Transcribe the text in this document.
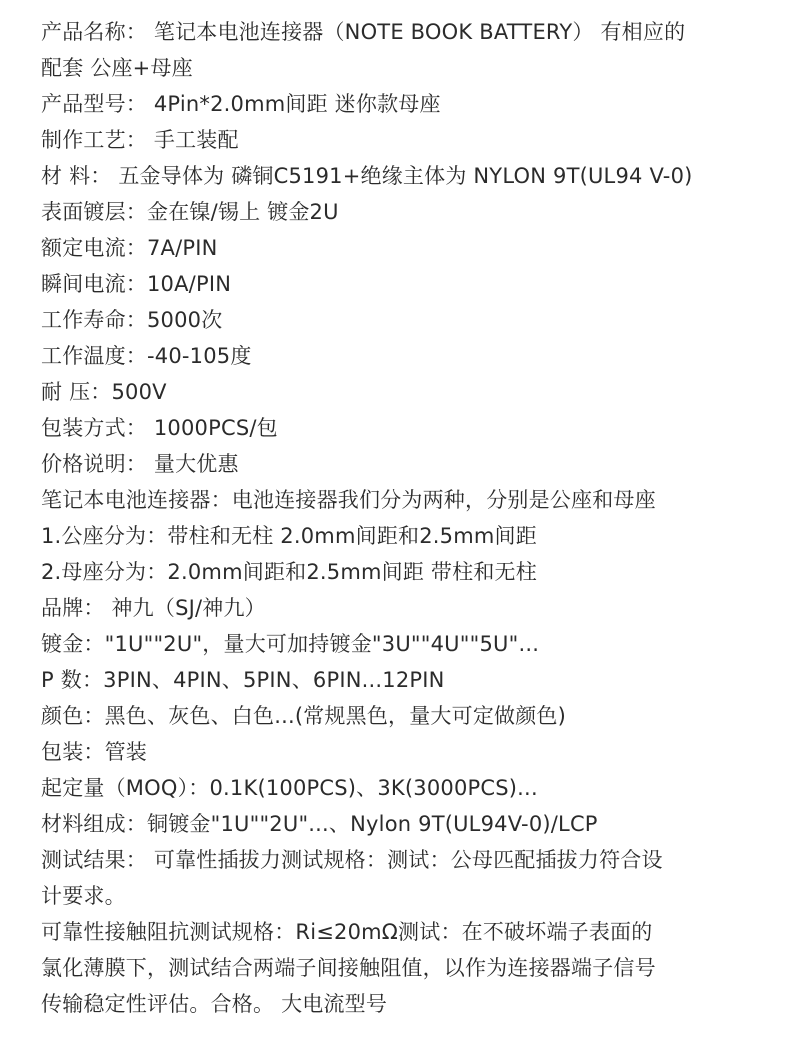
产品名称： 笔记本电池连接器（NOTE BOOK BATTERY） 有相应的
配套 公座+母座
产品型号： 4Pin*2.0mm间距 迷你款母座
制作工艺： 手工装配
材 料： 五金导体为 磷铜C5191+绝缘主体为 NYLON 9T(UL94 V-0)
表面镀层：金在镍/锡上 镀金2U
额定电流：7A/PIN
瞬间电流：10A/PIN
工作寿命：5000次
工作温度：-40-105度
耐 压：500V
包装方式： 1000PCS/包
价格说明： 量大优惠
笔记本电池连接器：电池连接器我们分为两种，分别是公座和母座
1.公座分为：带柱和无柱 2.0mm间距和2.5mm间距
2.母座分为：2.0mm间距和2.5mm间距 带柱和无柱
品牌： 神九（SJ/神九）
镀金："1U""2U"，量大可加持镀金"3U""4U""5U"...
P 数：3PIN、4PIN、5PIN、6PIN...12PIN
颜色：黑色、灰色、白色...(常规黑色，量大可定做颜色)
包装：管装
起定量（MOQ）：0.1K(100PCS)、3K(3000PCS)...
材料组成：铜镀金"1U""2U"...、Nylon 9T(UL94V-0)/LCP
测试结果： 可靠性插拔力测试规格：测试：公母匹配插拔力符合设
计要求。
可靠性接触阻抗测试规格：Ri≤20mΩ测试：在不破坏端子表面的
氯化薄膜下，测试结合两端子间接触阻值，以作为连接器端子信号
传输稳定性评估。合格。 大电流型号
